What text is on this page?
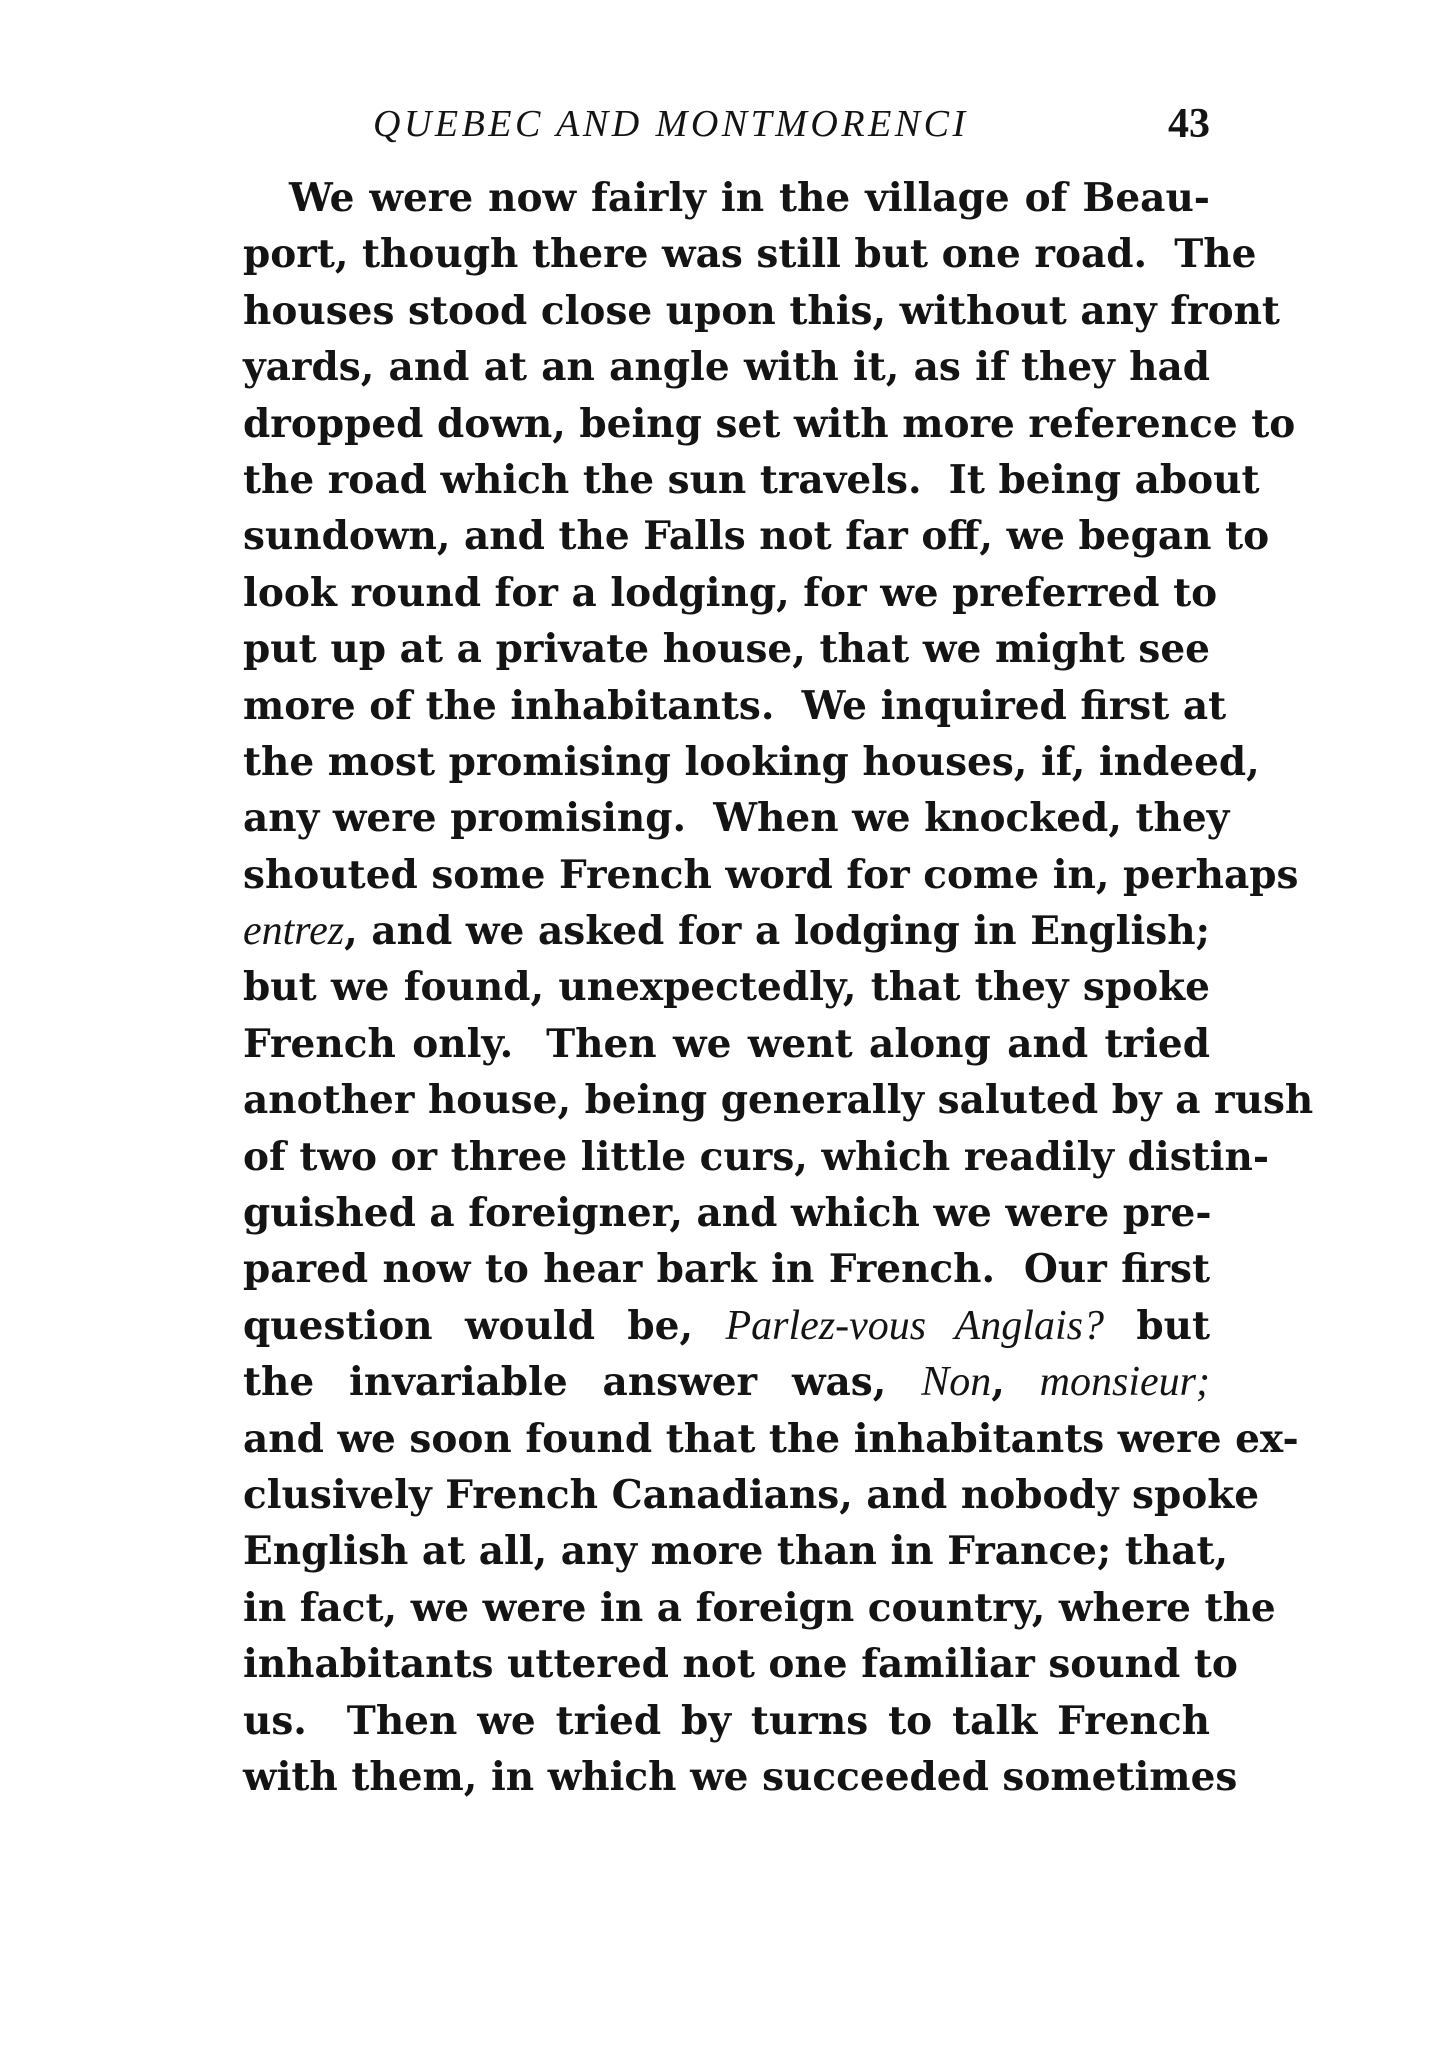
QUEBEC AND MONTMORENCI	43
We were now fairly in the village of Beau-
port, though there was still but one road.  The
houses stood close upon this, without any front
yards, and at an angle with it, as if they had
dropped down, being set with more reference to
the road which the sun travels.  It being about
sundown, and the Falls not far off, we began to
look round for a lodging, for we preferred to
put up at a private house, that we might see
more of the inhabitants.  We inquired first at
the most promising looking houses, if, indeed,
any were promising.  When we knocked, they
shouted some French word for come in, perhaps
entrez, and we asked for a lodging in English;
but we found, unexpectedly, that they spoke
French only.  Then we went along and tried
another house, being generally saluted by a rush
of two or three little curs, which readily distin-
guished a foreigner, and which we were pre-
pared now to hear bark in French.  Our first
question would be, Parlez-vous Anglais? but
the invariable answer was, Non, monsieur;
and we soon found that the inhabitants were ex-
clusively French Canadians, and nobody spoke
English at all, any more than in France; that,
in fact, we were in a foreign country, where the
inhabitants uttered not one familiar sound to
us.  Then we tried by turns to talk French
with them, in which we succeeded sometimes
